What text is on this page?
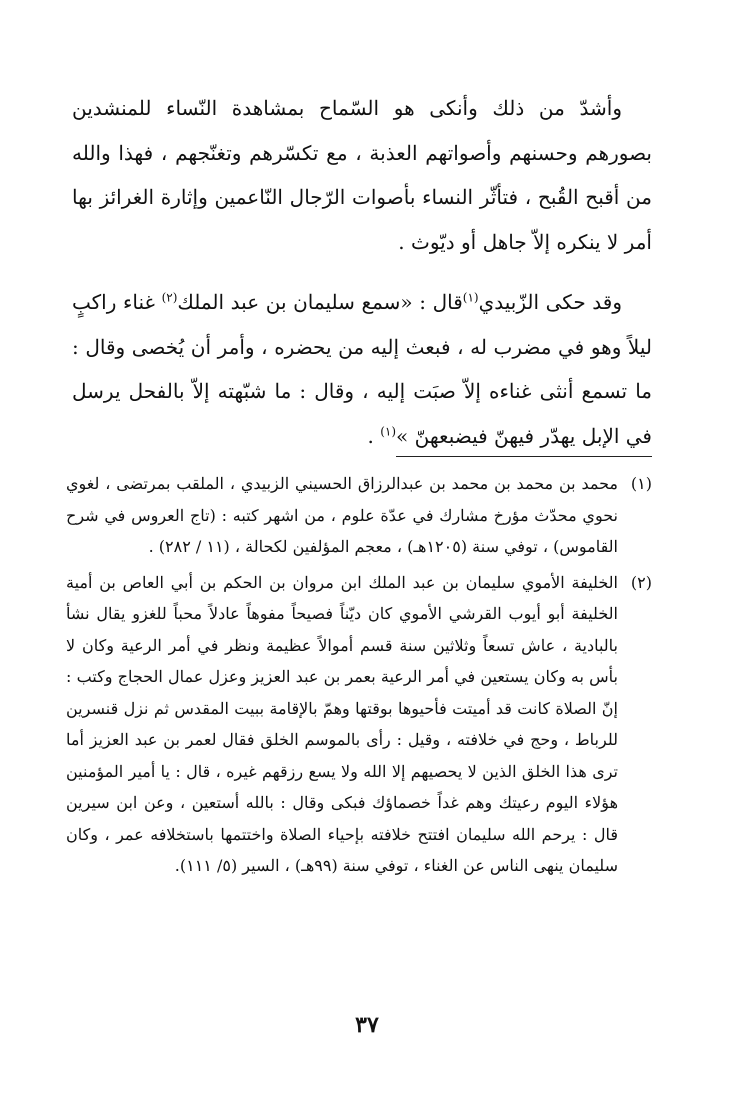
وأشدّ من ذلك وأنكى هو السّماح بمشاهدة النّساء للمنشدين بصورهم وحسنهم وأصواتهم العذبة ، مع تكسّرهم وتغنّجهم ، فهذا والله من أقبح القُبح ، فتأثّر النساء بأصوات الرّجال النّاعمين وإثارة الغرائز بها أمر لا ينكره إلاّ جاهل أو ديّوث .

وقد حكى الزّبيدي$^{(١)}$قال : «سمع سليمان بن عبد الملك$^{(٢)}$ غناء راكبٍ ليلاً وهو في مضرب له ، فبعث إليه من يحضره ، وأمر أن يُخصى وقال : ما تسمع أنثى غناءه إلاّ صبَت إليه ، وقال : ما شبّهته إلاّ بالفحل يرسل في الإبل يهدّر فيهنّ فيضبعهنّ »$^{(١)}$ .

(١)
محمد بن محمد بن محمد بن عبدالرزاق الحسيني الزبيدي ، الملقب بمرتضى ، لغوي نحوي محدّث مؤرخ مشارك في عدّة علوم ، من اشهر كتبه : (تاج العروس في شرح القاموس) ، توفي سنة (١٢٠٥هـ) ، معجم المؤلفين لكحالة ، (١١ / ٢٨٢) .
(٢)
الخليفة الأموي سليمان بن عبد الملك ابن مروان بن الحكم بن أبي العاص بن أمية الخليفة أبو أيوب القرشي الأموي كان ديّناً فصيحاً مفوهاً عادلاً محباً للغزو يقال نشأ بالبادية ، عاش تسعاً وثلاثين سنة قسم أموالاً عظيمة ونظر في أمر الرعية وكان لا بأس به وكان يستعين في أمر الرعية بعمر بن عبد العزيز وعزل عمال الحجاج وكتب : إنّ الصلاة كانت قد أميتت فأحيوها بوقتها وهمّ بالإقامة ببيت المقدس ثم نزل قنسرين للرباط ، وحج في خلافته ، وقيل : رأى بالموسم الخلق فقال لعمر بن عبد العزيز أما ترى هذا الخلق الذين لا يحصيهم إلا الله ولا يسع رزقهم غيره ، قال : يا أمير المؤمنين هؤلاء اليوم رعيتك وهم غداً خصماؤك فبكى وقال : بالله أستعين ، وعن ابن سيرين قال : يرحم الله سليمان افتتح خلافته بإحياء الصلاة واختتمها باستخلافه عمر ، وكان سليمان ينهى الناس عن الغناء ، توفي سنة (٩٩هـ) ، السير (٥/ ١١١).
٣٧
